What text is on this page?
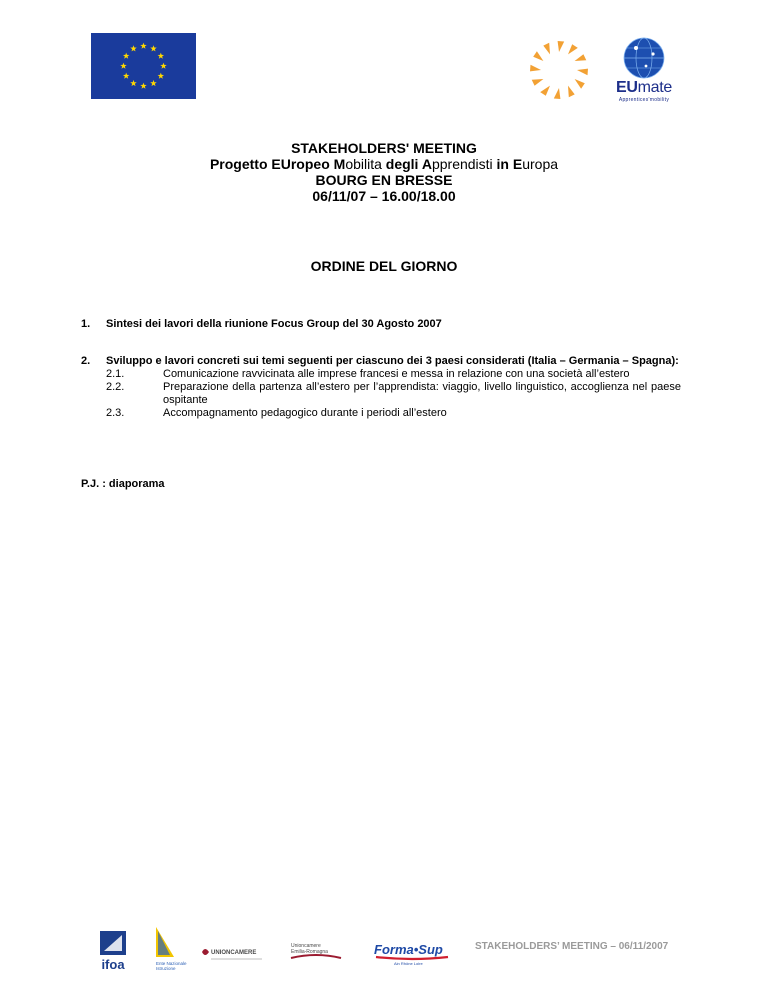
EUmate
Apprentices'mobility
STAKEHOLDERS' MEETING
Progetto EUropeo Mobilita degli Apprendisti in Europa
BOURG EN BRESSE
06/11/07 – 16.00/18.00
ORDINE DEL GIORNO
1. Sintesi dei lavori della riunione Focus Group del 30 Agosto 2007
2. Sviluppo e lavori concreti sui temi seguenti per ciascuno dei 3 paesi considerati (Italia – Germania – Spagna):
2.1.	Comunicazione ravvicinata alle imprese francesi e messa in relazione con una società all’estero
2.2.	Preparazione della partenza all’estero per l’apprendista: viaggio, livello linguistico, accoglienza nel paese ospitante
2.3.	Accompagnamento pedagogico durante i periodi all’estero
P.J. : diaporama
ifoa	Ente Nazionale
Istruzione
UNIONCAMERE
Unioncamere
Emilia-Romagna	Forma•Sup
Ain Rhône Loire
STAKEHOLDERS’ MEETING – 06/11/2007
